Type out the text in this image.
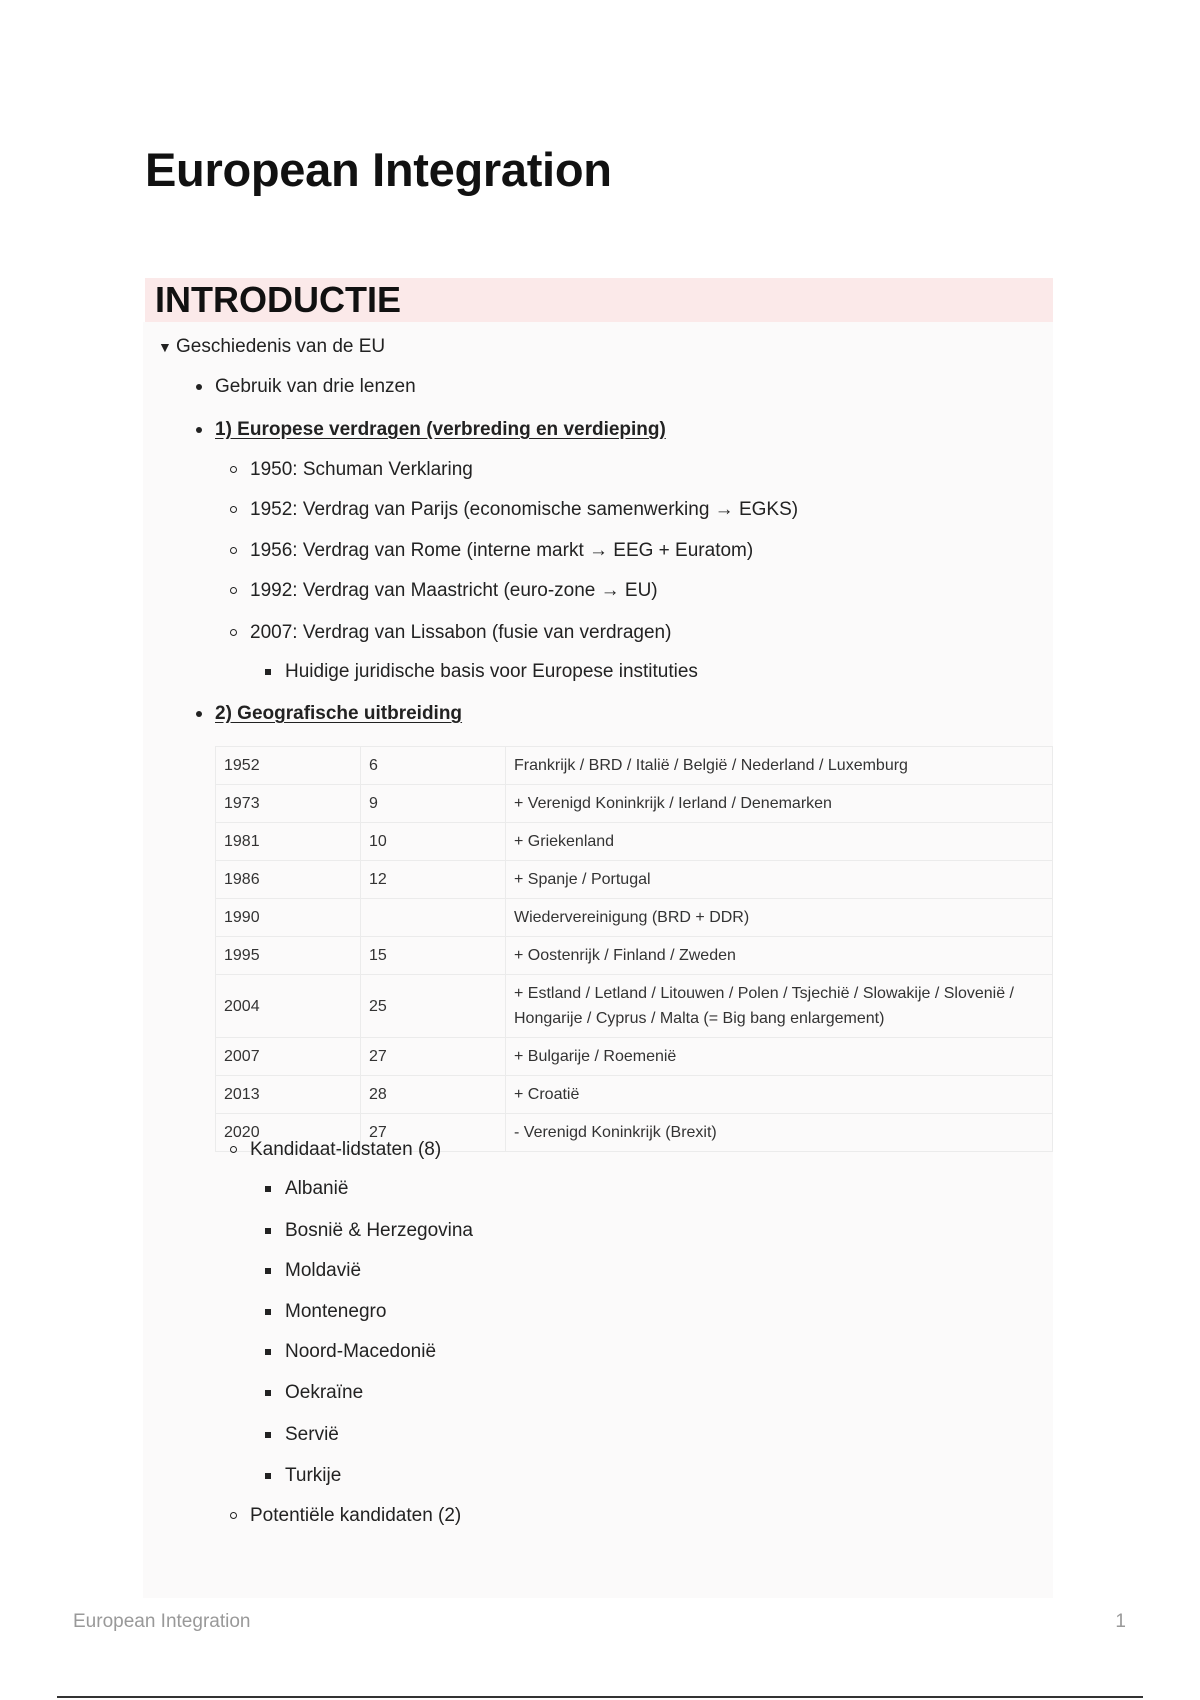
European Integration
INTRODUCTIE
▼ Geschiedenis van de EU
Gebruik van drie lenzen
1) Europese verdragen (verbreding en verdieping)
1950: Schuman Verklaring
1952: Verdrag van Parijs (economische samenwerking → EGKS)
1956: Verdrag van Rome (interne markt → EEG + Euratom)
1992: Verdrag van Maastricht (euro-zone → EU)
2007: Verdrag van Lissabon (fusie van verdragen)
Huidige juridische basis voor Europese instituties
2) Geografische uitbreiding
1952	6	Frankrijk / BRD / Italië / België / Nederland / Luxemburg
1973	9	+ Verenigd Koninkrijk / Ierland / Denemarken
1981	10	+ Griekenland
1986	12	+ Spanje / Portugal
1990		Wiedervereinigung (BRD + DDR)
1995	15	+ Oostenrijk / Finland / Zweden
2004	25	+ Estland / Letland / Litouwen / Polen / Tsjechië / Slowakije / Slovenië / Hongarije / Cyprus / Malta (= Big bang enlargement)
2007	27	+ Bulgarije / Roemenië
2013	28	+ Croatië
2020	27	- Verenigd Koninkrijk (Brexit)
Kandidaat-lidstaten (8)
Albanië
Bosnië & Herzegovina
Moldavië
Montenegro
Noord-Macedonië
Oekraïne
Servië
Turkije
Potentiële kandidaten (2)
European Integration	1
